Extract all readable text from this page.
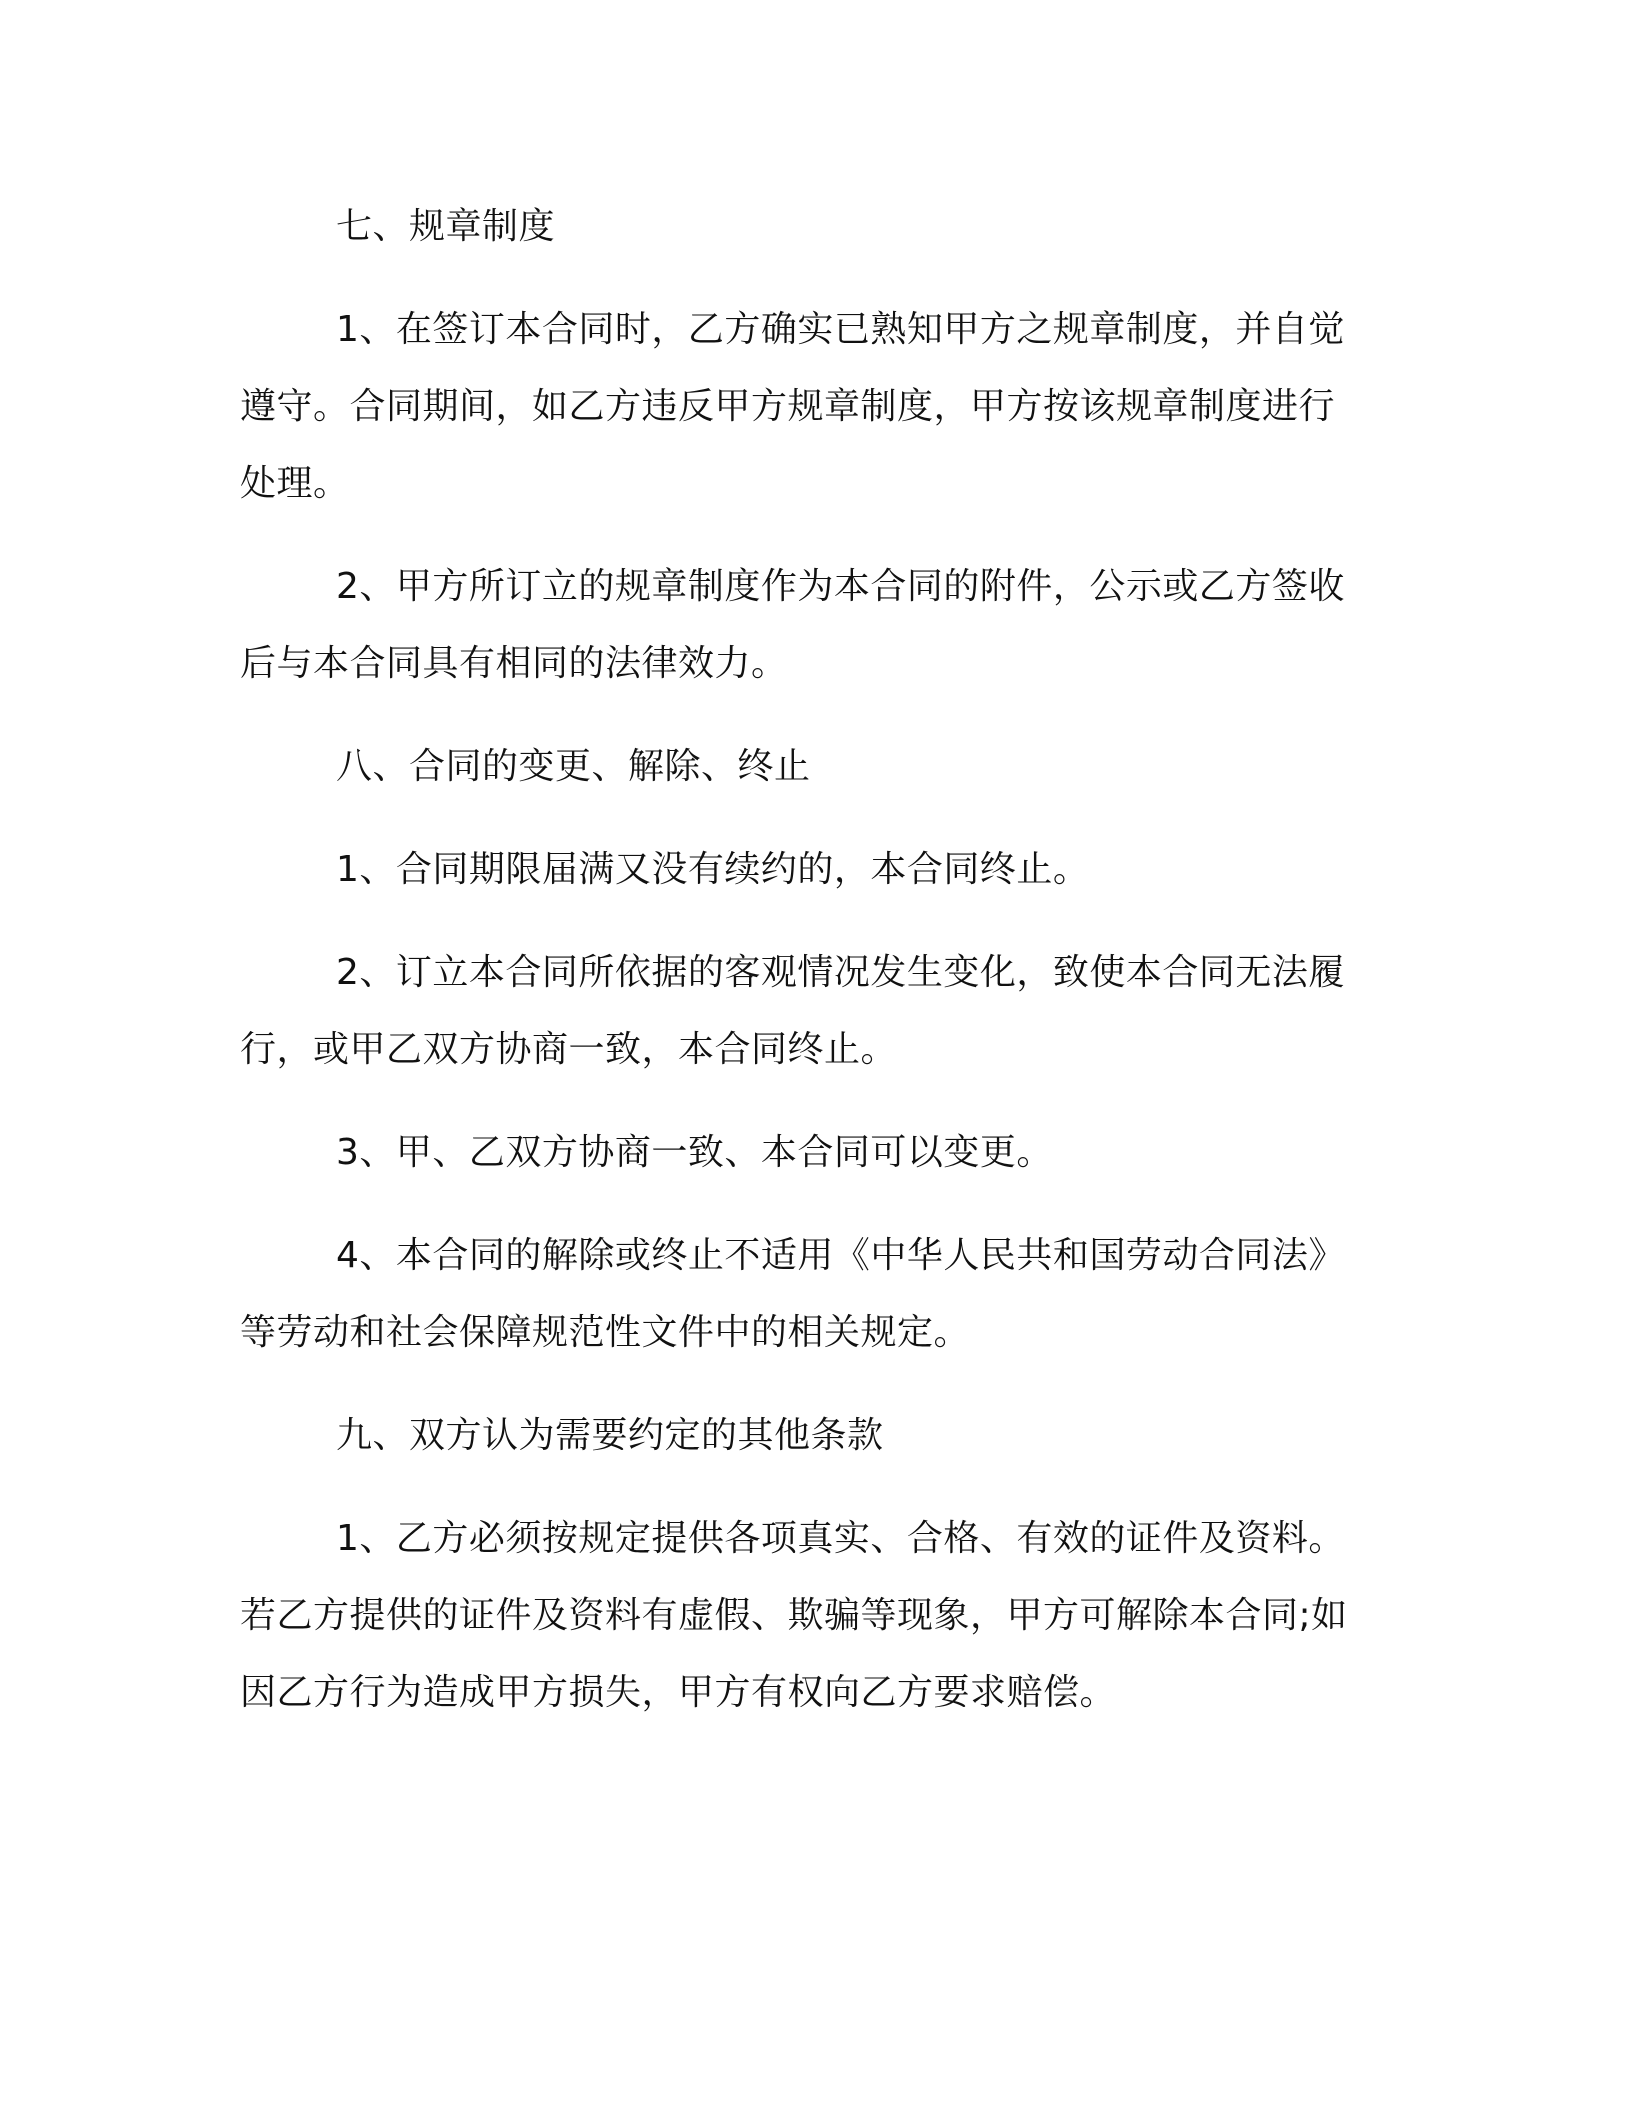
七、规章制度

1、在签订本合同时，乙方确实已熟知甲方之规章制度，并自觉遵守。合同期间，如乙方违反甲方规章制度，甲方按该规章制度进行处理。

2、甲方所订立的规章制度作为本合同的附件，公示或乙方签收后与本合同具有相同的法律效力。

八、合同的变更、解除、终止

1、合同期限届满又没有续约的，本合同终止。

2、订立本合同所依据的客观情况发生变化，致使本合同无法履行，或甲乙双方协商一致，本合同终止。

3、甲、乙双方协商一致、本合同可以变更。

4、本合同的解除或终止不适用《中华人民共和国劳动合同法》等劳动和社会保障规范性文件中的相关规定。

九、双方认为需要约定的其他条款

1、乙方必须按规定提供各项真实、合格、有效的证件及资料。若乙方提供的证件及资料有虚假、欺骗等现象，甲方可解除本合同;如因乙方行为造成甲方损失，甲方有权向乙方要求赔偿。
